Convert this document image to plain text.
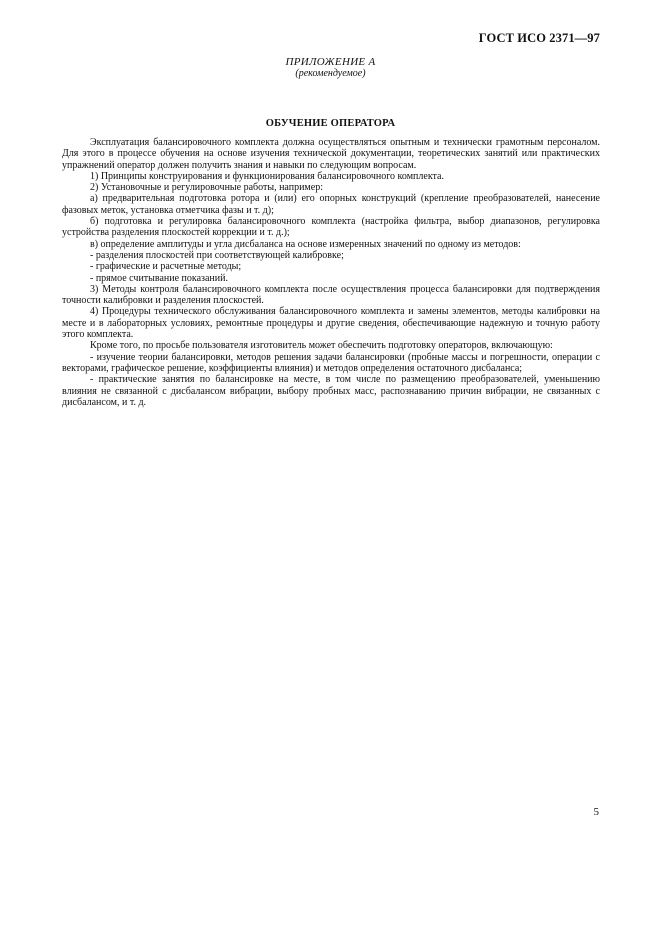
ГОСТ ИСО 2371—97
ПРИЛОЖЕНИЕ А
(рекомендуемое)
ОБУЧЕНИЕ ОПЕРАТОРА

Эксплуатация балансировочного комплекта должна осуществляться опытным и технически грамотным персоналом. Для этого в процессе обучения на основе изучения технической документации, теоретических занятий или практических упражнений оператор должен получить знания и навыки по следующим вопросам.

1) Принципы конструирования и функционирования балансировочного комплекта.

2) Установочные и регулировочные работы, например:

а) предварительная подготовка ротора и (или) его опорных конструкций (крепление преобразователей, нанесение фазовых меток, установка отметчика фазы и т. д);

б) подготовка и регулировка балансировочного комплекта (настройка фильтра, выбор диапазонов, регулировка устройства разделения плоскостей коррекции и т. д.);

в) определение амплитуды и угла дисбаланса на основе измеренных значений по одному из методов:

- разделения плоскостей при соответствующей калибровке;

- графические и расчетные методы;

- прямое считывание показаний.

3) Методы контроля балансировочного комплекта после осуществления процесса балансировки для подтверждения точности калибровки и разделения плоскостей.

4) Процедуры технического обслуживания балансировочного комплекта и замены элементов, методы калибровки на месте и в лабораторных условиях, ремонтные процедуры и другие сведения, обеспечивающие надежную и точную работу этого комплекта.

Кроме того, по просьбе пользователя изготовитель может обеспечить подготовку операторов, включающую:

- изучение теории балансировки, методов решения задачи балансировки (пробные массы и погрешности, операции с векторами, графическое решение, коэффициенты влияния) и методов определения остаточного дисбаланса;

- практические занятия по балансировке на месте, в том числе по размещению преобразователей, уменьшению влияния не связанной с дисбалансом вибрации, выбору пробных масс, распознаванию причин вибрации, не связанных с дисбалансом, и т. д.

5
